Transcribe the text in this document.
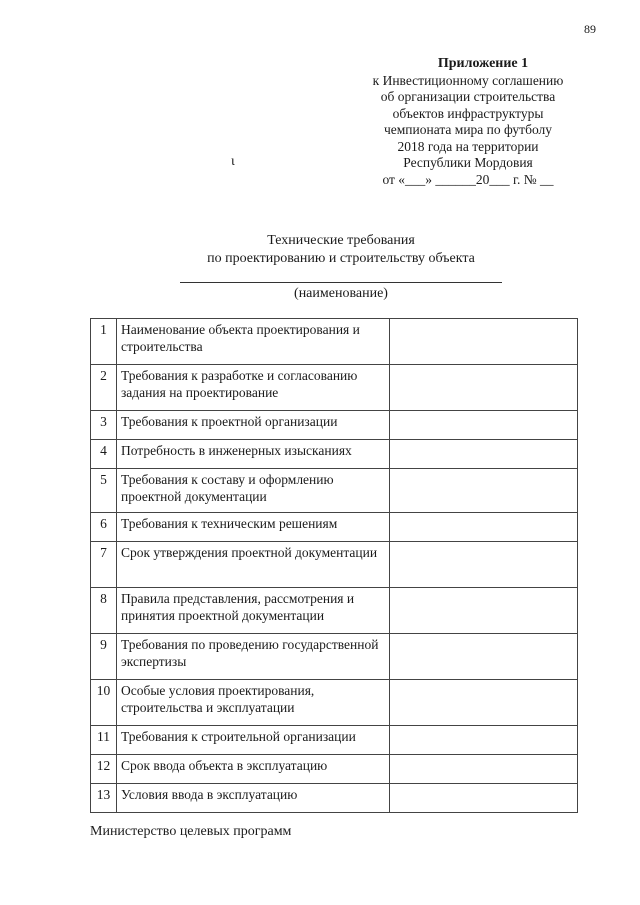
89
Приложение 1
к Инвестиционному соглашению
об организации строительства
объектов инфраструктуры
чемпионата мира по футболу
2018 года на территории
Республики Мордовия
от «___» ______20___ г. № __
ɩ
Технические требования
по проектированию и строительству объекта
(наименование)
1	Наименование объекта проектирования и строительства	
2	Требования к разработке и согласованию задания на проектирование	
3	Требования к проектной организации	
4	Потребность в инженерных изысканиях	
5	Требования к составу и оформлению проектной документации	
6	Требования к техническим решениям	
7	Срок утверждения проектной документации	
8	Правила представления, рассмотрения и принятия проектной документации	
9	Требования по проведению государственной экспертизы	
10	Особые условия проектирования, строительства и эксплуатации	
11	Требования к строительной организации	
12	Срок ввода объекта в эксплуатацию	
13	Условия ввода в эксплуатацию	
Министерство целевых программ
